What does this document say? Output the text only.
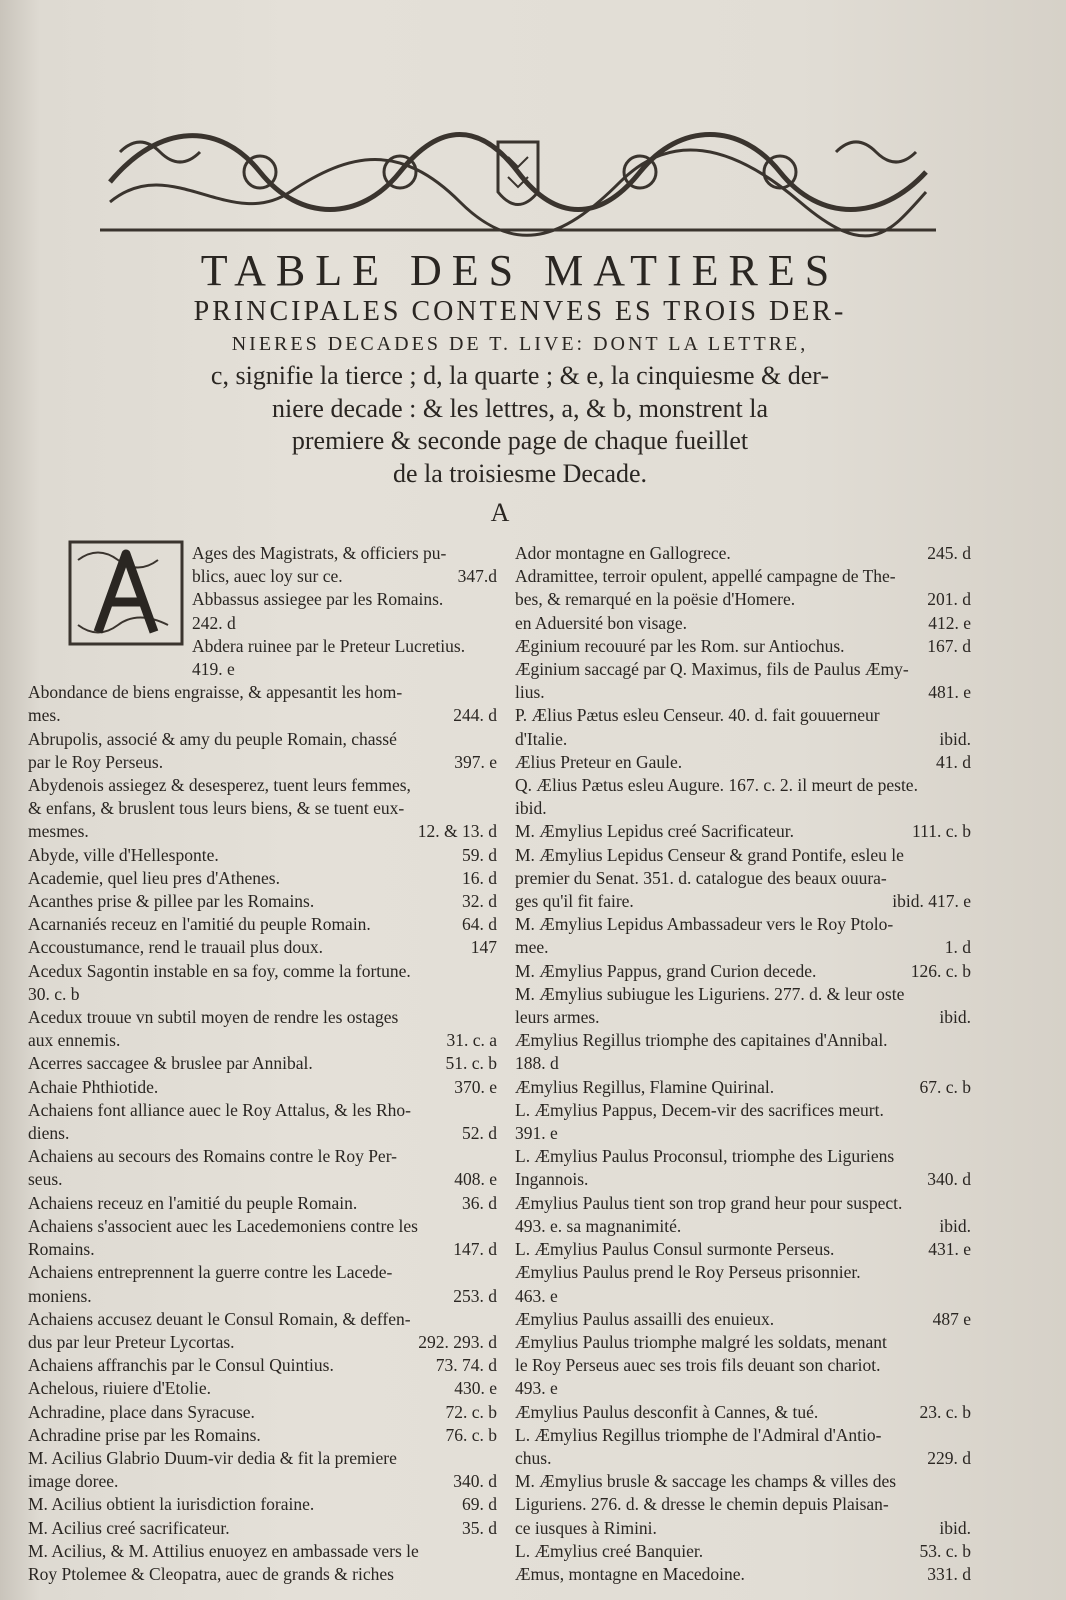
TABLE DES MATIERES
PRINCIPALES CONTENVES ES TROIS DER-
NIERES DECADES DE T. LIVE: DONT LA LETTRE,
c, signifie la tierce ; d, la quarte ; & e, la cinquiesme & der-
niere decade : & les lettres, a, & b, monstrent la
premiere & seconde page de chaque fueillet
de la troisiesme Decade.
A
Ages des Magistrats, & officiers pu-
blics, auec loy sur ce.	347.d
Abbassus assiegee par les Romains.
242. d
Abdera ruinee par le Preteur Lucretius.
419. e
Abondance de biens engraisse, & appesantit les hom-
mes.	244. d
Abrupolis, associé & amy du peuple Romain, chassé
par le Roy Perseus.	397. e
Abydenois assiegez & desesperez, tuent leurs femmes,
& enfans, & bruslent tous leurs biens, & se tuent eux-
mesmes.	12. & 13. d
Abyde, ville d'Hellesponte.	59. d
Academie, quel lieu pres d'Athenes.	16. d
Acanthes prise & pillee par les Romains.	32. d
Acarnaniés receuz en l'amitié du peuple Romain.	64. d
Accoustumance, rend le trauail plus doux.	147
Acedux Sagontin instable en sa foy, comme la fortune.
30. c. b
Acedux trouue vn subtil moyen de rendre les ostages
aux ennemis.	31. c. a
Acerres saccagee & bruslee par Annibal.	51. c. b
Achaie Phthiotide.	370. e
Achaiens font alliance auec le Roy Attalus, & les Rho-
diens.	52. d
Achaiens au secours des Romains contre le Roy Per-
seus.	408. e
Achaiens receuz en l'amitié du peuple Romain.	36. d
Achaiens s'associent auec les Lacedemoniens contre les
Romains.	147. d
Achaiens entreprennent la guerre contre les Lacede-
moniens.	253. d
Achaiens accusez deuant le Consul Romain, & deffen-
dus par leur Preteur Lycortas.	292. 293. d
Achaiens affranchis par le Consul Quintius.	73. 74. d
Achelous, riuiere d'Etolie.	430. e
Achradine, place dans Syracuse.	72. c. b
Achradine prise par les Romains.	76. c. b
M. Acilius Glabrio Duum-vir dedia & fit la premiere
image doree.	340. d
M. Acilius obtient la iurisdiction foraine.	69. d
M. Acilius creé sacrificateur.	35. d
M. Acilius, & M. Attilius enuoyez en ambassade vers le
Roy Ptolemee & Cleopatra, auec de grands & riches
Ador montagne en Gallogrece.	245. d
Adramittee, terroir opulent, appellé campagne de The-
bes, & remarqué en la poësie d'Homere.	201. d
en Aduersité bon visage.	412. e
Æginium recouuré par les Rom. sur Antiochus.	167. d
Æginium saccagé par Q. Maximus, fils de Paulus Æmy-
lius.	481. e
P. Ælius Pætus esleu Censeur. 40. d. fait gouuerneur
d'Italie.	ibid.
Ælius Preteur en Gaule.	41. d
Q. Ælius Pætus esleu Augure. 167. c. 2. il meurt de peste.
ibid.
M. Æmylius Lepidus creé Sacrificateur.	111. c. b
M. Æmylius Lepidus Censeur & grand Pontife, esleu le
premier du Senat. 351. d. catalogue des beaux ouura-
ges qu'il fit faire.	ibid. 417. e
M. Æmylius Lepidus Ambassadeur vers le Roy Ptolo-
mee.	1. d
M. Æmylius Pappus, grand Curion decede.	126. c. b
M. Æmylius subiugue les Liguriens. 277. d. & leur oste
leurs armes.	ibid.
Æmylius Regillus triomphe des capitaines d'Annibal.
188. d
Æmylius Regillus, Flamine Quirinal.	67. c. b
L. Æmylius Pappus, Decem-vir des sacrifices meurt.
391. e
L. Æmylius Paulus Proconsul, triomphe des Liguriens
Ingannois.	340. d
Æmylius Paulus tient son trop grand heur pour suspect.
493. e. sa magnanimité.	ibid.
L. Æmylius Paulus Consul surmonte Perseus.	431. e
Æmylius Paulus prend le Roy Perseus prisonnier.
463. e
Æmylius Paulus assailli des enuieux.	487 e
Æmylius Paulus triomphe malgré les soldats, menant
le Roy Perseus auec ses trois fils deuant son chariot.
493. e
Æmylius Paulus desconfit à Cannes, & tué.	23. c. b
L. Æmylius Regillus triomphe de l'Admiral d'Antio-
chus.	229. d
M. Æmylius brusle & saccage les champs & villes des
Liguriens. 276. d. & dresse le chemin depuis Plaisan-
ce iusques à Rimini.	ibid.
L. Æmylius creé Banquier.	53. c. b
Æmus, montagne en Macedoine.	331. d
